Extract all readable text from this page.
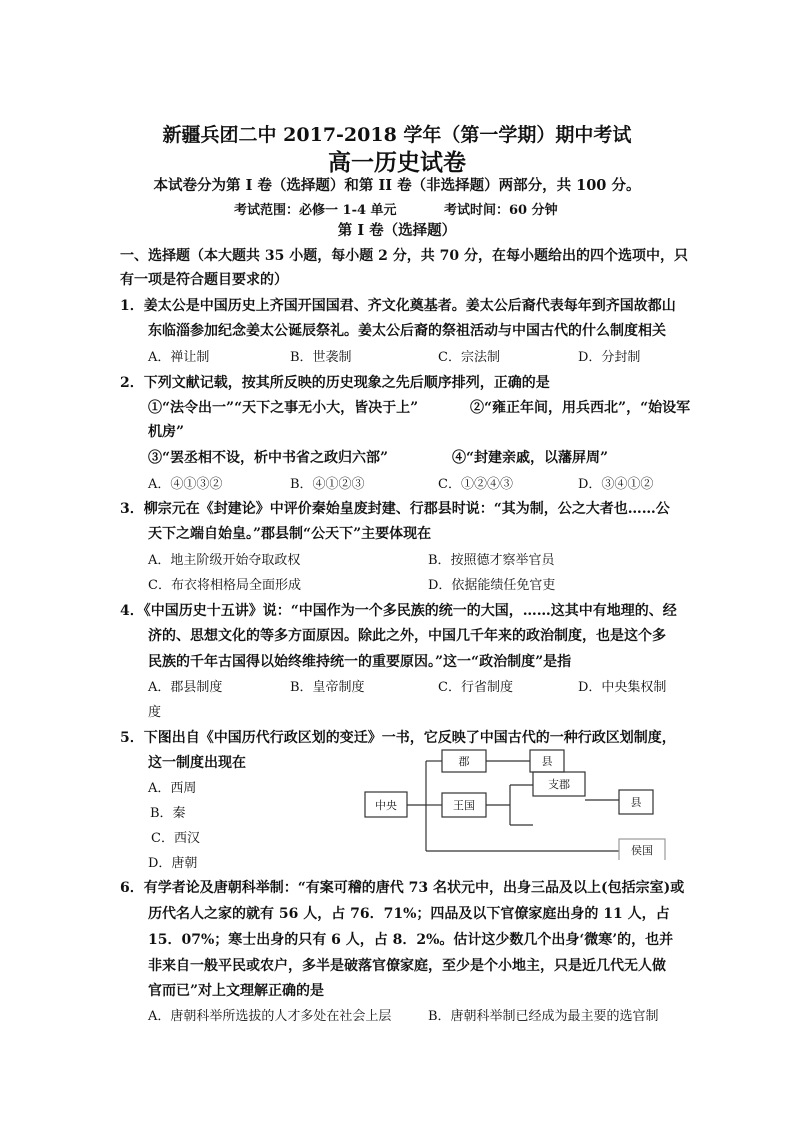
新疆兵团二中 2017-2018 学年（第一学期）期中考试
高一历史试卷
本试卷分为第 I 卷（选择题）和第 II 卷（非选择题）两部分，共 100 分。
考试范围：必修一 1-4 单元	考试时间：60 分钟
第 I 卷（选择题）
一、选择题（本大题共 35 小题，每小题 2 分，共 70 分，在每小题给出的四个选项中，只
有一项是符合题目要求的）
1．姜太公是中国历史上齐国开国国君、齐文化奠基者。姜太公后裔代表每年到齐国故都山
东临淄参加纪念姜太公诞辰祭礼。姜太公后裔的祭祖活动与中国古代的什么制度相关
A．禅让制	B．世袭制	C．宗法制	D．分封制
2．下列文献记载，按其所反映的历史现象之先后顺序排列，正确的是
①“法令出一”“天下之事无小大，皆决于上”	②“雍正年间，用兵西北”，“始设军
机房”
③“罢丞相不设，析中书省之政归六部”	④“封建亲戚，以藩屏周”
A．④①③②	B．④①②③	C．①②④③	D．③④①②
3．柳宗元在《封建论》中评价秦始皇废封建、行郡县时说：“其为制，公之大者也……公
天下之端自始皇。”郡县制“公天下”主要体现在
A．地主阶级开始夺取政权	B．按照德才察举官员
C．布衣将相格局全面形成	D．依据能绩任免官吏
4．《中国历史十五讲》说：“中国作为一个多民族的统一的大国，……这其中有地理的、经
济的、思想文化的等多方面原因。除此之外，中国几千年来的政治制度，也是这个多
民族的千年古国得以始终维持统一的重要原因。”这一“政治制度”是指
A．郡县制度	B．皇帝制度	C．行省制度	D．中央集权制
度
5．下图出自《中国历代行政区划的变迁》一书，它反映了中国古代的一种行政区划制度，
这一制度出现在
A．西周
B．秦
C．西汉
D．唐朝
中央
郡	县
王国
支郡
县
侯国
6．有学者论及唐朝科举制：“有案可稽的唐代 73 名状元中，出身三品及以上(包括宗室)或
历代名人之家的就有 56 人，占 76．71%；四品及以下官僚家庭出身的 11 人，占
15．07%；寒士出身的只有 6 人，占 8．2%。估计这少数几个出身‘微寒’的，也并
非来自一般平民或农户，多半是破落官僚家庭，至少是个小地主，只是近几代无人做
官而已”对上文理解正确的是
A．唐朝科举所选拔的人才多处在社会上层	B．唐朝科举制已经成为最主要的选官制
